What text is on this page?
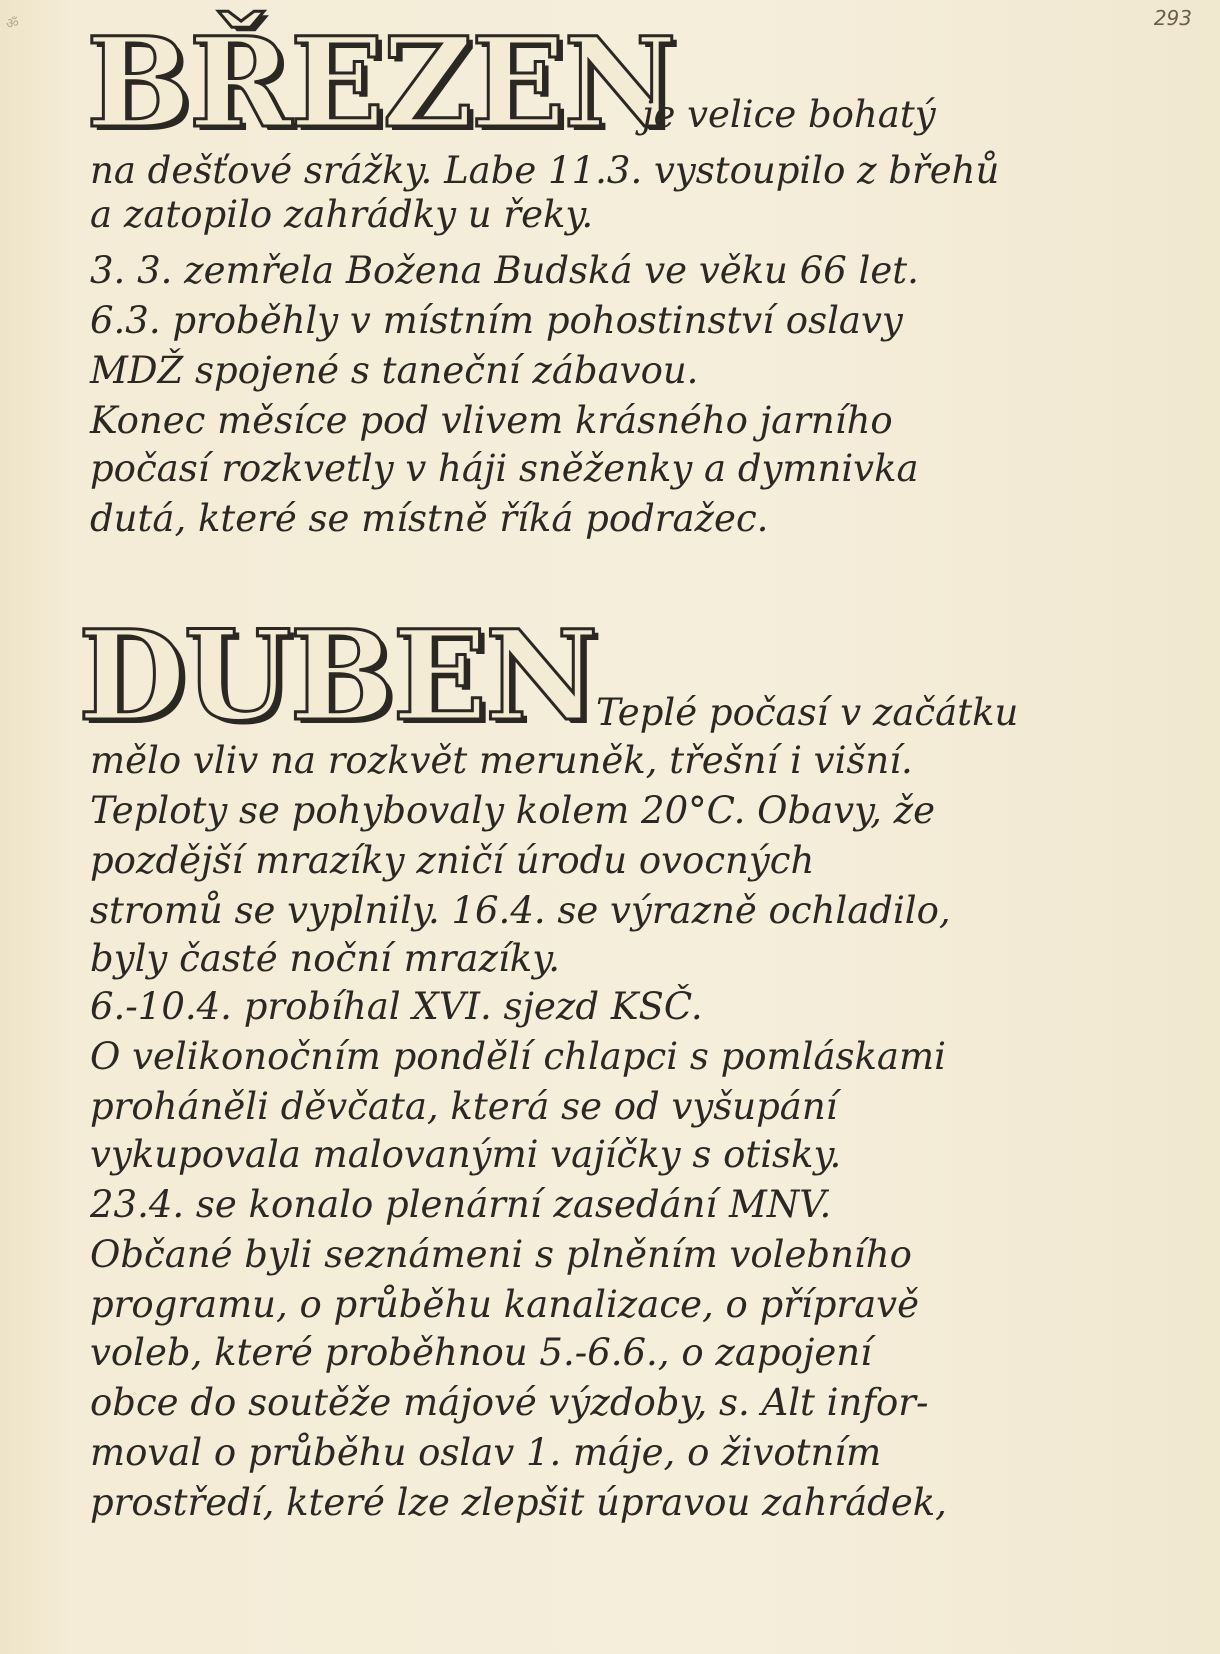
ॐ	293
BŘEZEN
je velice bohatý
na dešťové srážky. Labe 11.3. vystoupilo z břehů
a zatopilo zahrádky u řeky.
3. 3. zemřela Božena Budská ve věku 66 let.
6.3. proběhly v místním pohostinství oslavy
MDŽ spojené s taneční zábavou.
Konec měsíce pod vlivem krásného jarního
počasí rozkvetly v háji sněženky a dymnivka
dutá, které se místně říká podražec.
DUBEN Teplé počasí v začátku
mělo vliv na rozkvět meruněk, třešní i višní.
Teploty se pohybovaly kolem 20°C. Obavy, že
pozdější mrazíky zničí úrodu ovocných
stromů se vyplnily. 16.4. se výrazně ochladilo,
byly časté noční mrazíky.
6.-10.4. probíhal XVI. sjezd KSČ.
O velikonočním pondělí chlapci s pomláskami
proháněli děvčata, která se od vyšupání
vykupovala malovanými vajíčky s otisky.
23.4. se konalo plenární zasedání MNV.
Občané byli seznámeni s plněním volebního
programu, o průběhu kanalizace, o přípravě
voleb, které proběhnou 5.-6.6., o zapojení
obce do soutěže májové výzdoby, s. Alt infor-
moval o průběhu oslav 1. máje, o životním
prostředí, které lze zlepšit úpravou zahrádek,
